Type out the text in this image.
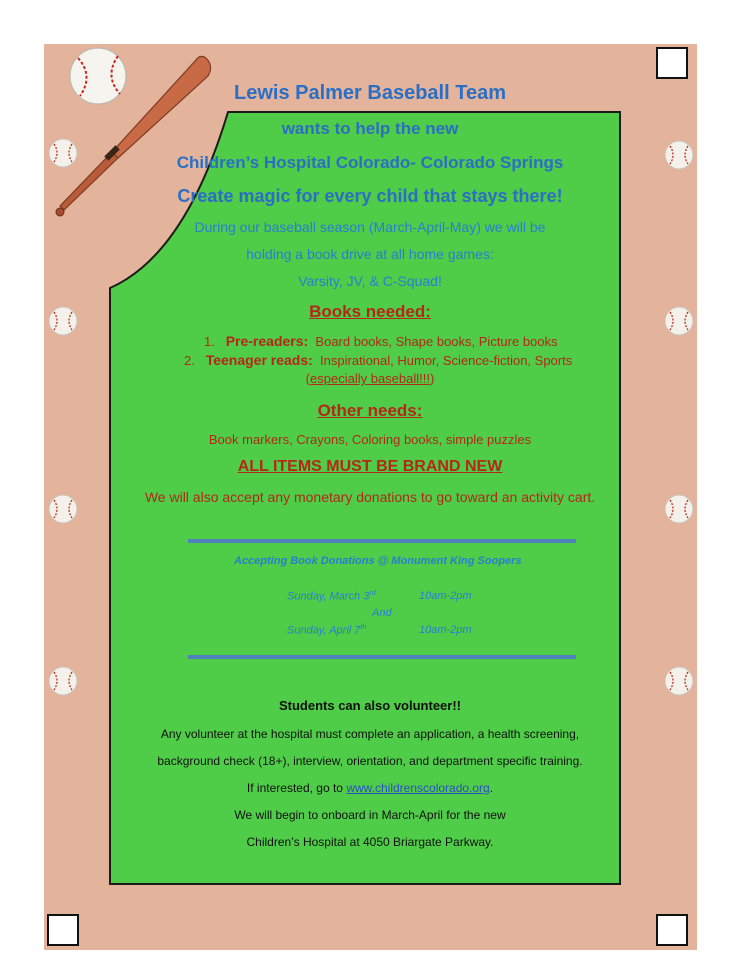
Lewis Palmer Baseball Team
wants to help the new
Children’s Hospital Colorado- Colorado Springs
Create magic for every child that stays there!
During our baseball season (March-April-May) we will be
holding a book drive at all home games:
Varsity, JV, & C-Squad!
Books needed:
1. Pre-readers: Board books, Shape books, Picture books
2. Teenager reads: Inspirational, Humor, Science-fiction, Sports
(especially baseball!!!)
Other needs:
Book markers, Crayons, Coloring books, simple puzzles
ALL ITEMS MUST BE BRAND NEW
We will also accept any monetary donations to go toward an activity cart.
Accepting Book Donations @ Monument King Soopers
Sunday, March 3rd	10am-2pm
And
Sunday, April 7th	10am-2pm
Students can also volunteer!!
Any volunteer at the hospital must complete an application, a health screening,
background check (18+), interview, orientation, and department specific training.
If interested, go to www.childrenscolorado.org.
We will begin to onboard in March-April for the new
Children’s Hospital at 4050 Briargate Parkway.
